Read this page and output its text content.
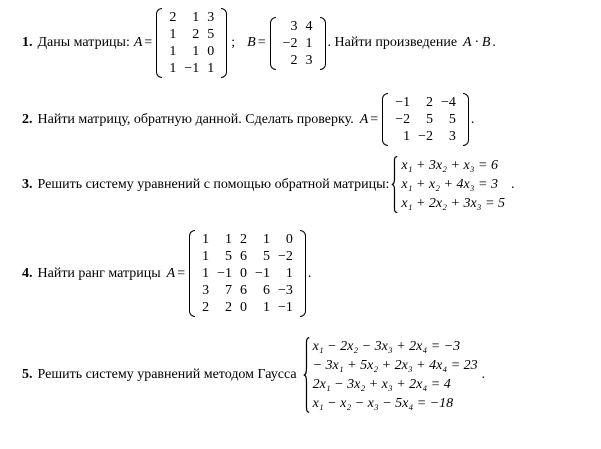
1. Даны матрицы: A =
2	1 3
1	2 5
1	1 0
1 −1 1
; B =
3 4
−2 1
2 3
. Найти произведение A · B .
2. Найти матрицу, обратную данной. Сделать проверку. A =
−1	2 −4
−2	5	5
1 −2	3
.
3. Решить систему уравнений с помощью обратной матрицы:
x₁ + 3x₂ + x₃ = 6
x₁ + x₂ + 4x₃ = 3
x₁ + 2x₂ + 3x₃ = 5
.
4. Найти ранг матрицы A =
1	1 2	1	0
1	5 6	5 −2
1 −1 0 −1	1
3	7 6	6 −3
2	2 0	1 −1
.
5. Решить систему уравнений методом Гаусса
x₁ − 2x₂ − 3x₃ + 2x₄ = −3
− 3x₁ + 5x₂ + 2x₃ + 4x₄ = 23
2x₁ − 3x₂ + x₃ + 2x₄ = 4
x₁ − x₂ − x₃ − 5x₄ = −18
.
